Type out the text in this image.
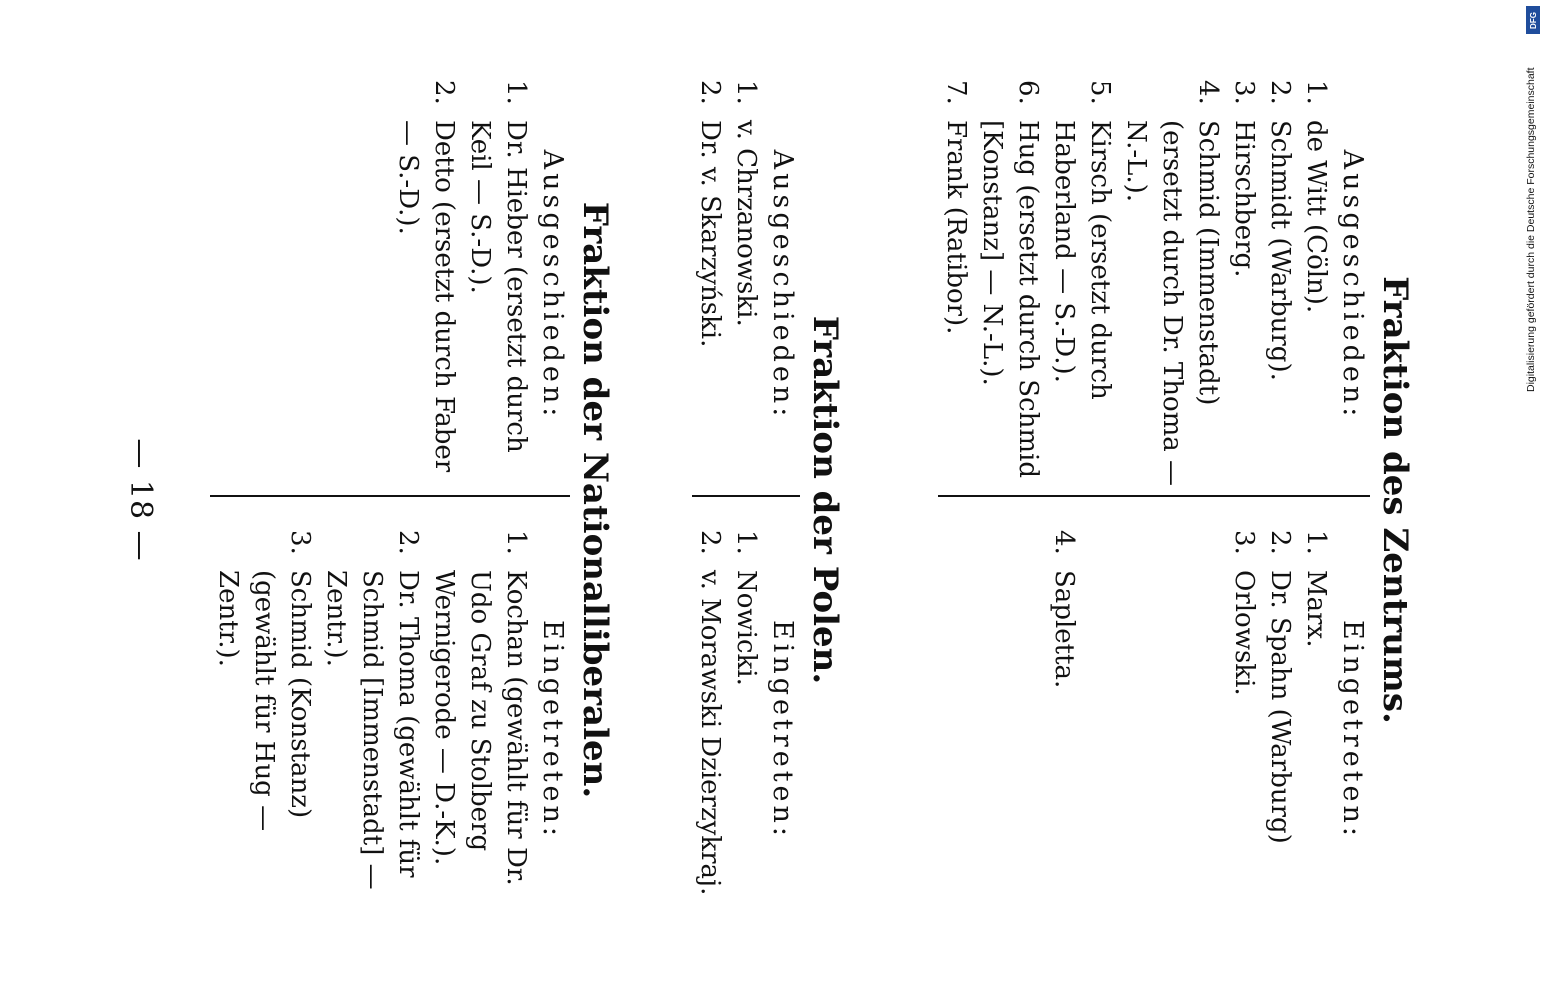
— 18 —	Fraktion des Zentrums.
Ausgeschieden:
1.
de Witt (Cöln).
2.
Schmidt (Warburg).
3.
Hirschberg.
4.
Schmid (Immenstadt) (ersetzt durch Dr. Thoma — N.-L.).
5.
Kirsch (ersetzt durch Haberland — S.-D.).
6.
Hug (ersetzt durch Schmid [Konstanz] — N.-L.).
7.
Frank (Ratibor).
Eingetreten:
1.
Marx.
2.
Dr. Spahn (Warburg)
3.
Orlowski.
4.
Sapletta.
Fraktion der Polen.
Ausgeschieden:
1.
v. Chrzanowski.
2.
Dr. v. Skarzyński.
Eingetreten:
1.
Nowicki.
2.
v. Morawski Dzierzykraj.
Fraktion der Nationalliberalen.
Ausgeschieden:
1.
Dr. Hieber (ersetzt durch Keil — S.-D.).
2.
Detto (ersetzt durch Faber — S.-D.).
Eingetreten:
1.
Kochan (gewählt für Dr. Udo Graf zu Stolberg Wernigerode — D.-K.).
2.
Dr. Thoma (gewählt für Schmid [Immenstadt] — Zentr.).
3.
Schmid (Konstanz) (gewählt für Hug — Zentr.).
Digitalisierung gefördert durch die Deutsche Forschungsgemeinschaft
DFG
